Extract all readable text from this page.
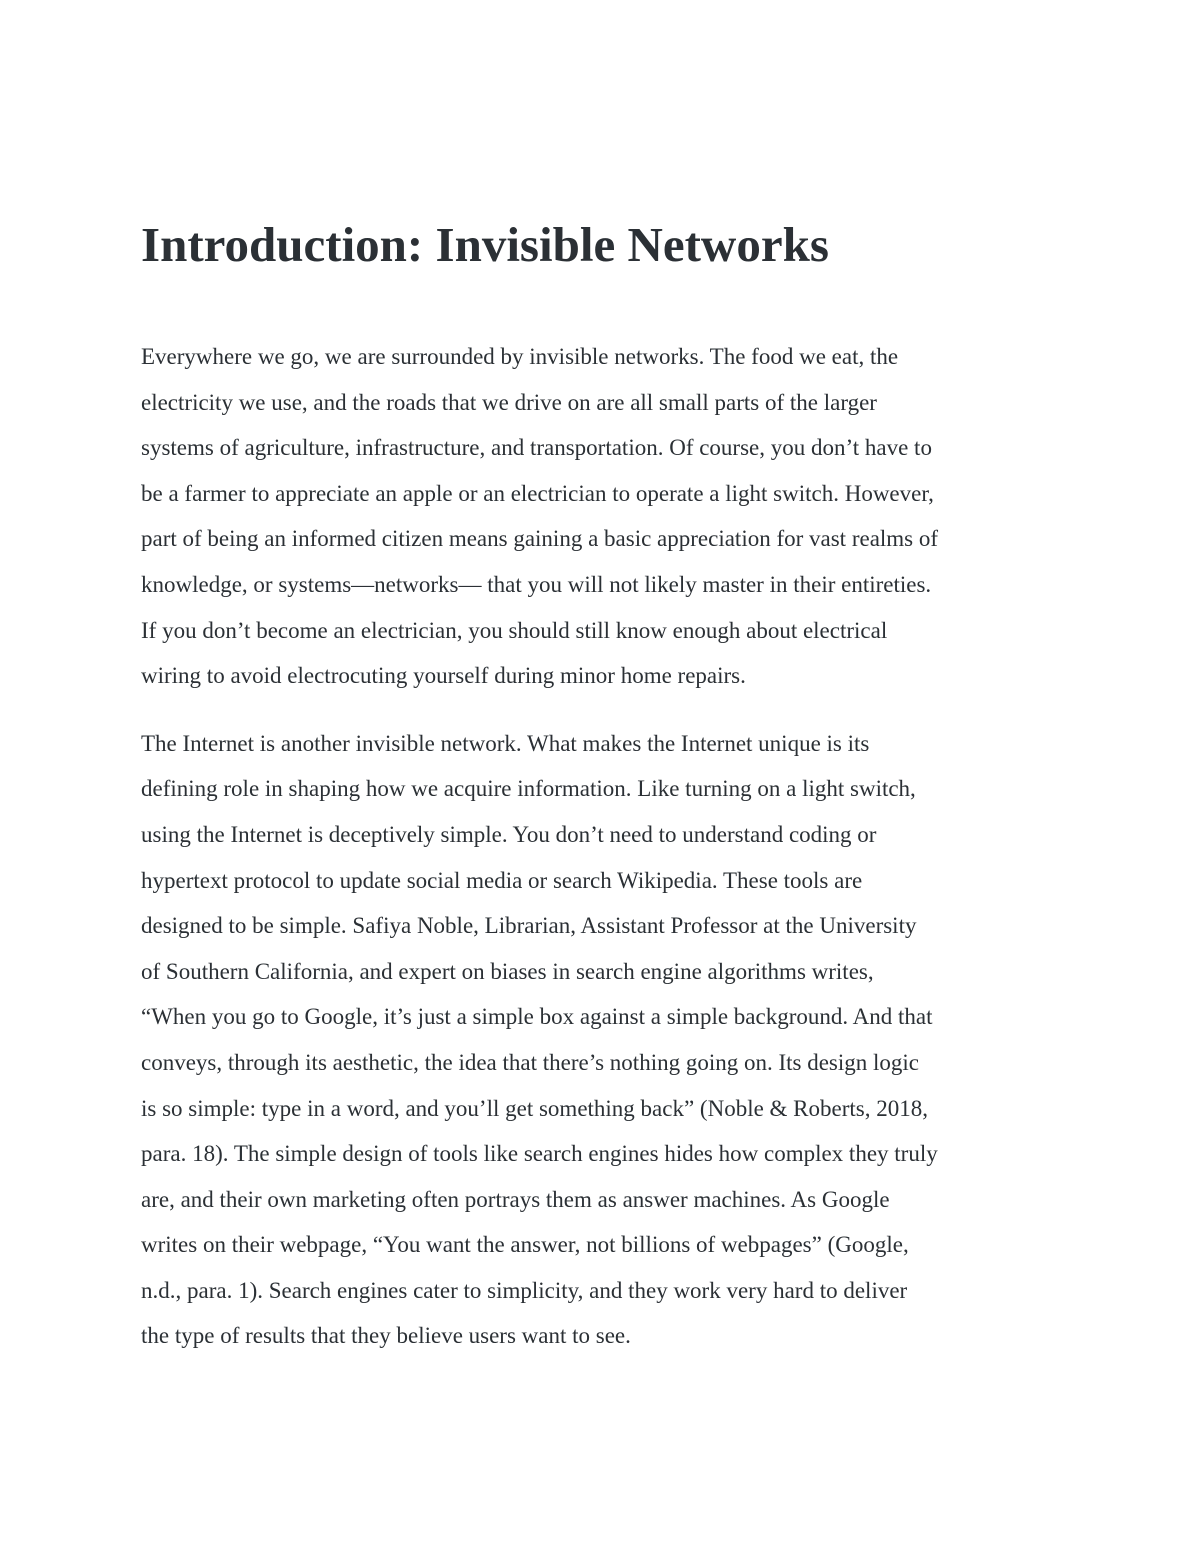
Introduction: Invisible Networks

Everywhere we go, we are surrounded by invisible networks. The food we eat, the
electricity we use, and the roads that we drive on are all small parts of the larger
systems of agriculture, infrastructure, and transportation. Of course, you don’t have to
be a farmer to appreciate an apple or an electrician to operate a light switch. However,
part of being an informed citizen means gaining a basic appreciation for vast realms of
knowledge, or systems—networks— that you will not likely master in their entireties.
If you don’t become an electrician, you should still know enough about electrical
wiring to avoid electrocuting yourself during minor home repairs.

The Internet is another invisible network. What makes the Internet unique is its
defining role in shaping how we acquire information. Like turning on a light switch,
using the Internet is deceptively simple. You don’t need to understand coding or
hypertext protocol to update social media or search Wikipedia. These tools are
designed to be simple. Safiya Noble, Librarian, Assistant Professor at the University
of Southern California, and expert on biases in search engine algorithms writes,
“When you go to Google, it’s just a simple box against a simple background. And that
conveys, through its aesthetic, the idea that there’s nothing going on. Its design logic
is so simple: type in a word, and you’ll get something back” (Noble & Roberts, 2018,
para. 18). The simple design of tools like search engines hides how complex they truly
are, and their own marketing often portrays them as answer machines. As Google
writes on their webpage, “You want the answer, not billions of webpages” (Google,
n.d., para. 1). Search engines cater to simplicity, and they work very hard to deliver
the type of results that they believe users want to see.
